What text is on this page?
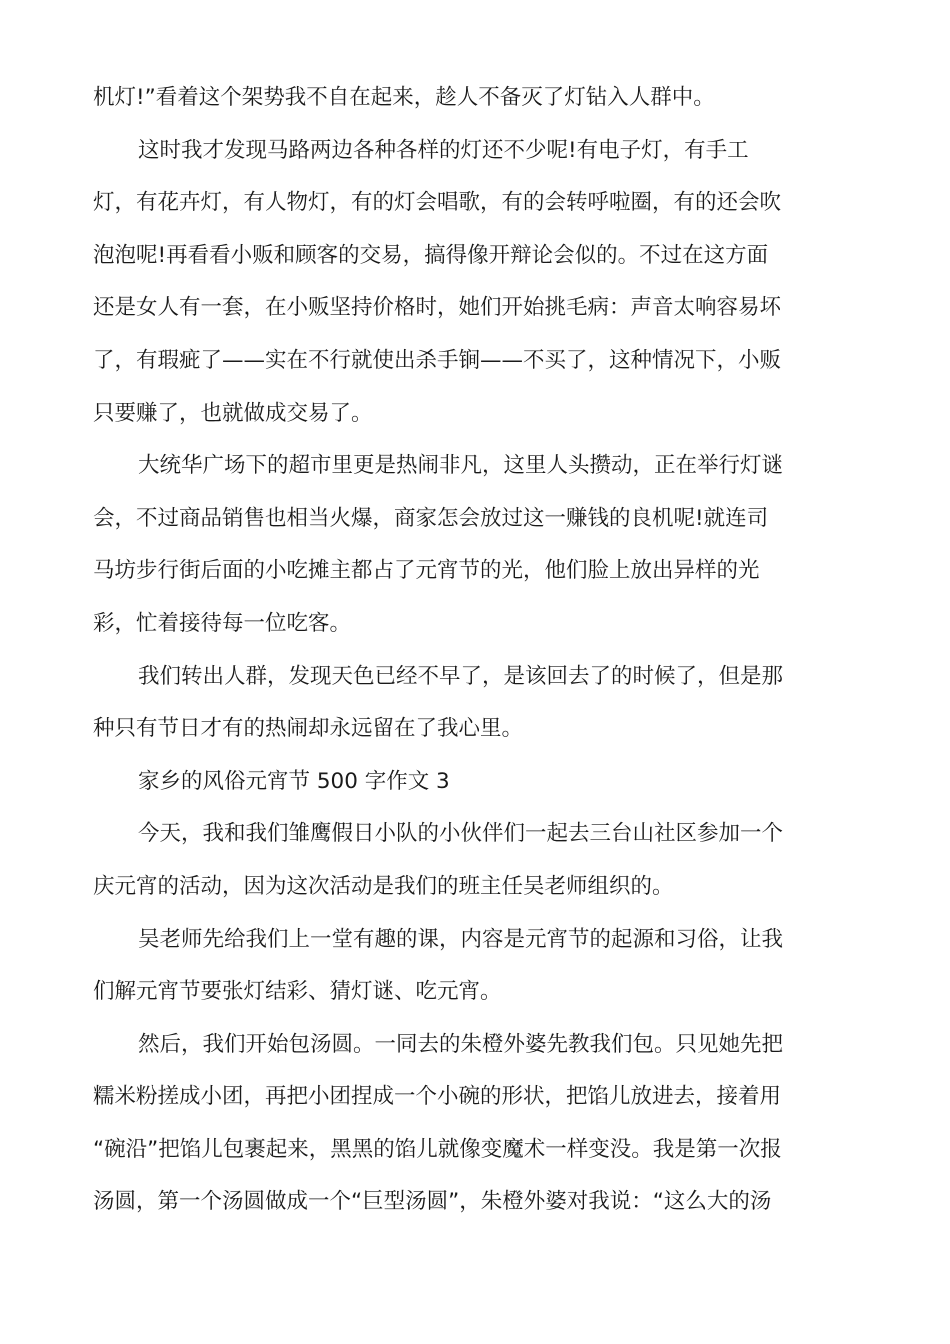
机灯!”看着这个架势我不自在起来，趁人不备灭了灯钻入人群中。
这时我才发现马路两边各种各样的灯还不少呢!有电子灯，有手工
灯，有花卉灯，有人物灯，有的灯会唱歌，有的会转呼啦圈，有的还会吹
泡泡呢!再看看小贩和顾客的交易，搞得像开辩论会似的。不过在这方面
还是女人有一套，在小贩坚持价格时，她们开始挑毛病：声音太响容易坏
了，有瑕疵了——实在不行就使出杀手锏——不买了，这种情况下，小贩
只要赚了，也就做成交易了。
大统华广场下的超市里更是热闹非凡，这里人头攒动，正在举行灯谜
会，不过商品销售也相当火爆，商家怎会放过这一赚钱的良机呢!就连司
马坊步行街后面的小吃摊主都占了元宵节的光，他们脸上放出异样的光
彩，忙着接待每一位吃客。
我们转出人群，发现天色已经不早了，是该回去了的时候了，但是那
种只有节日才有的热闹却永远留在了我心里。
家乡的风俗元宵节 500 字作文 3
今天，我和我们雏鹰假日小队的小伙伴们一起去三台山社区参加一个
庆元宵的活动，因为这次活动是我们的班主任吴老师组织的。
吴老师先给我们上一堂有趣的课，内容是元宵节的起源和习俗，让我
们解元宵节要张灯结彩、猜灯谜、吃元宵。
然后，我们开始包汤圆。一同去的朱橙外婆先教我们包。只见她先把
糯米粉搓成小团，再把小团捏成一个小碗的形状，把馅儿放进去，接着用
“碗沿”把馅儿包裹起来，黑黑的馅儿就像变魔术一样变没。我是第一次报
汤圆，第一个汤圆做成一个“巨型汤圆”，朱橙外婆对我说：“这么大的汤
